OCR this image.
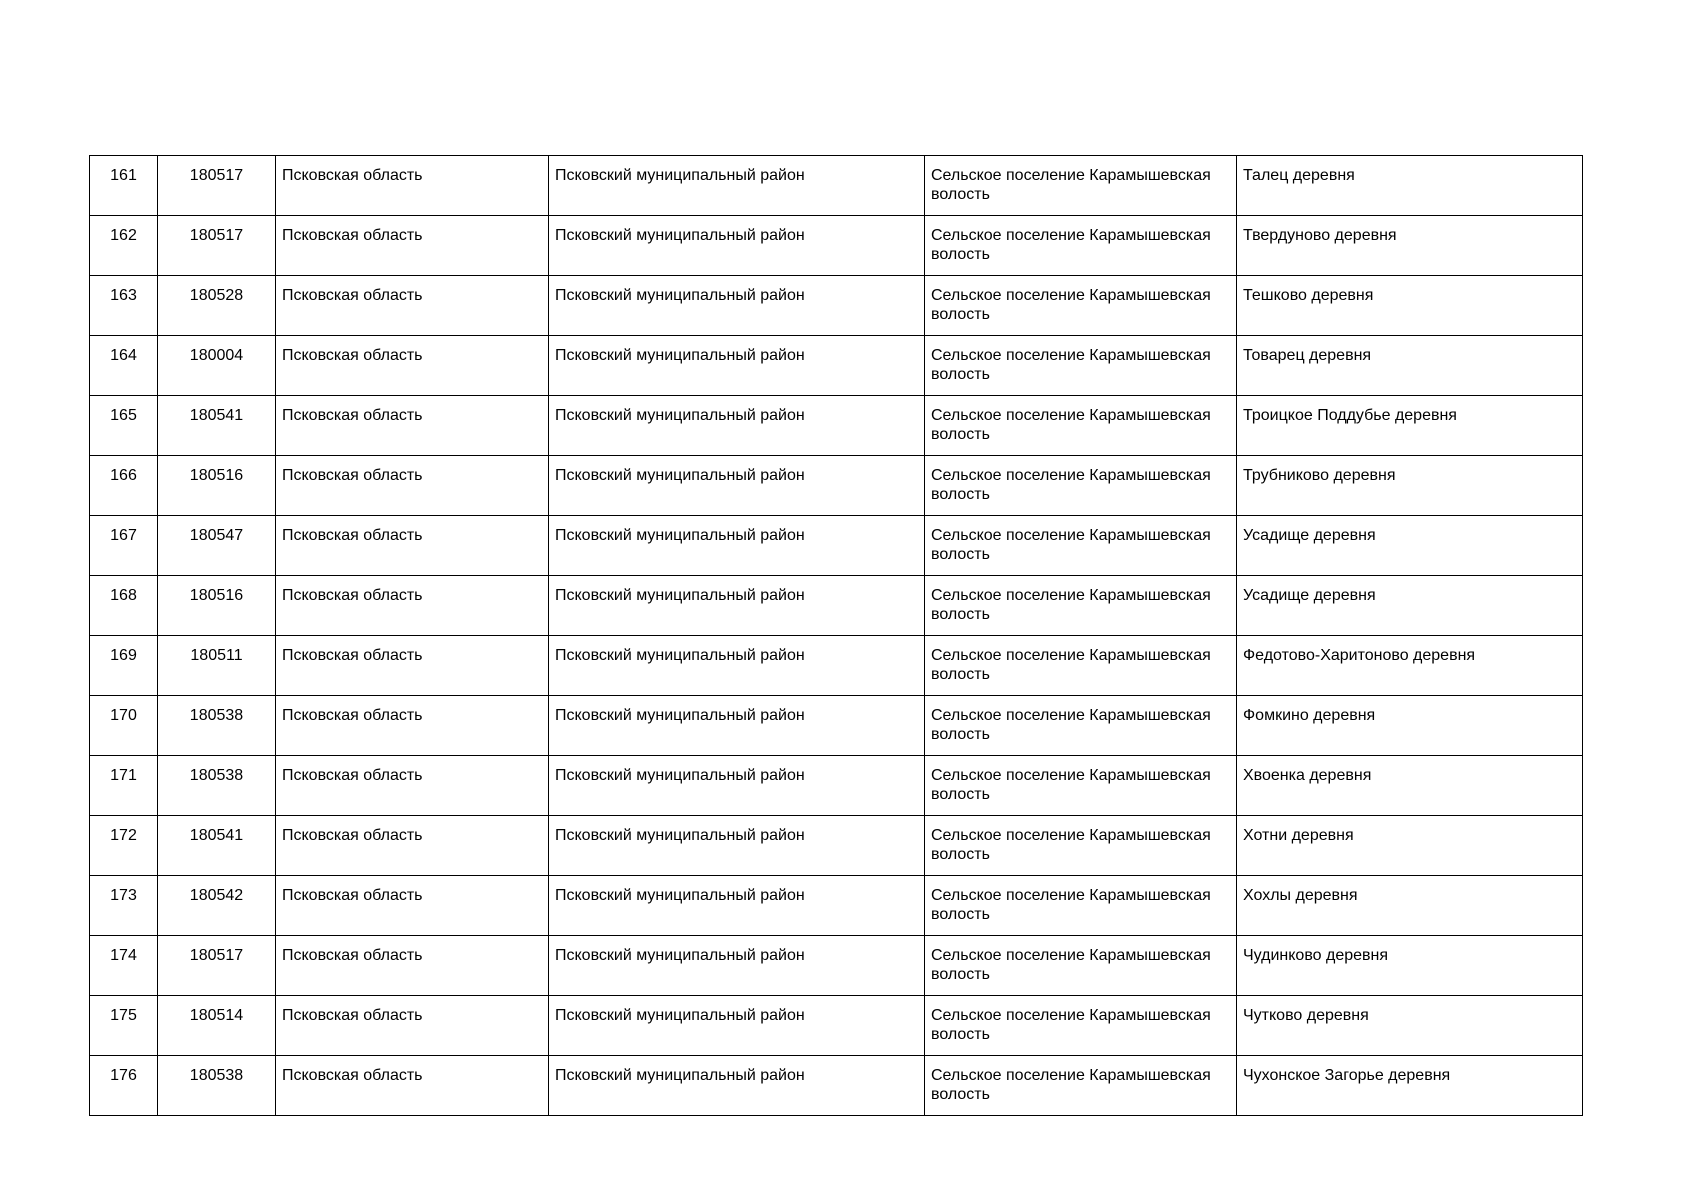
161	180517	Псковская область	Псковский муниципальный район	Сельское поселение Карамышевская волость	Талец деревня

162	180517	Псковская область	Псковский муниципальный район	Сельское поселение Карамышевская волость	Твердуново деревня

163	180528	Псковская область	Псковский муниципальный район	Сельское поселение Карамышевская волость	Тешково деревня

164	180004	Псковская область	Псковский муниципальный район	Сельское поселение Карамышевская волость	Товарец деревня

165	180541	Псковская область	Псковский муниципальный район	Сельское поселение Карамышевская волость	Троицкое Поддубье деревня

166	180516	Псковская область	Псковский муниципальный район	Сельское поселение Карамышевская волость	Трубниково деревня

167	180547	Псковская область	Псковский муниципальный район	Сельское поселение Карамышевская волость	Усадище деревня

168	180516	Псковская область	Псковский муниципальный район	Сельское поселение Карамышевская волость	Усадище деревня

169	180511	Псковская область	Псковский муниципальный район	Сельское поселение Карамышевская волость	Федотово-Харитоново деревня

170	180538	Псковская область	Псковский муниципальный район	Сельское поселение Карамышевская волость	Фомкино деревня

171	180538	Псковская область	Псковский муниципальный район	Сельское поселение Карамышевская волость	Хвоенка деревня

172	180541	Псковская область	Псковский муниципальный район	Сельское поселение Карамышевская волость	Хотни деревня

173	180542	Псковская область	Псковский муниципальный район	Сельское поселение Карамышевская волость	Хохлы деревня

174	180517	Псковская область	Псковский муниципальный район	Сельское поселение Карамышевская волость	Чудинково деревня

175	180514	Псковская область	Псковский муниципальный район	Сельское поселение Карамышевская волость	Чутково деревня

176	180538	Псковская область	Псковский муниципальный район	Сельское поселение Карамышевская волость	Чухонское Загорье деревня
